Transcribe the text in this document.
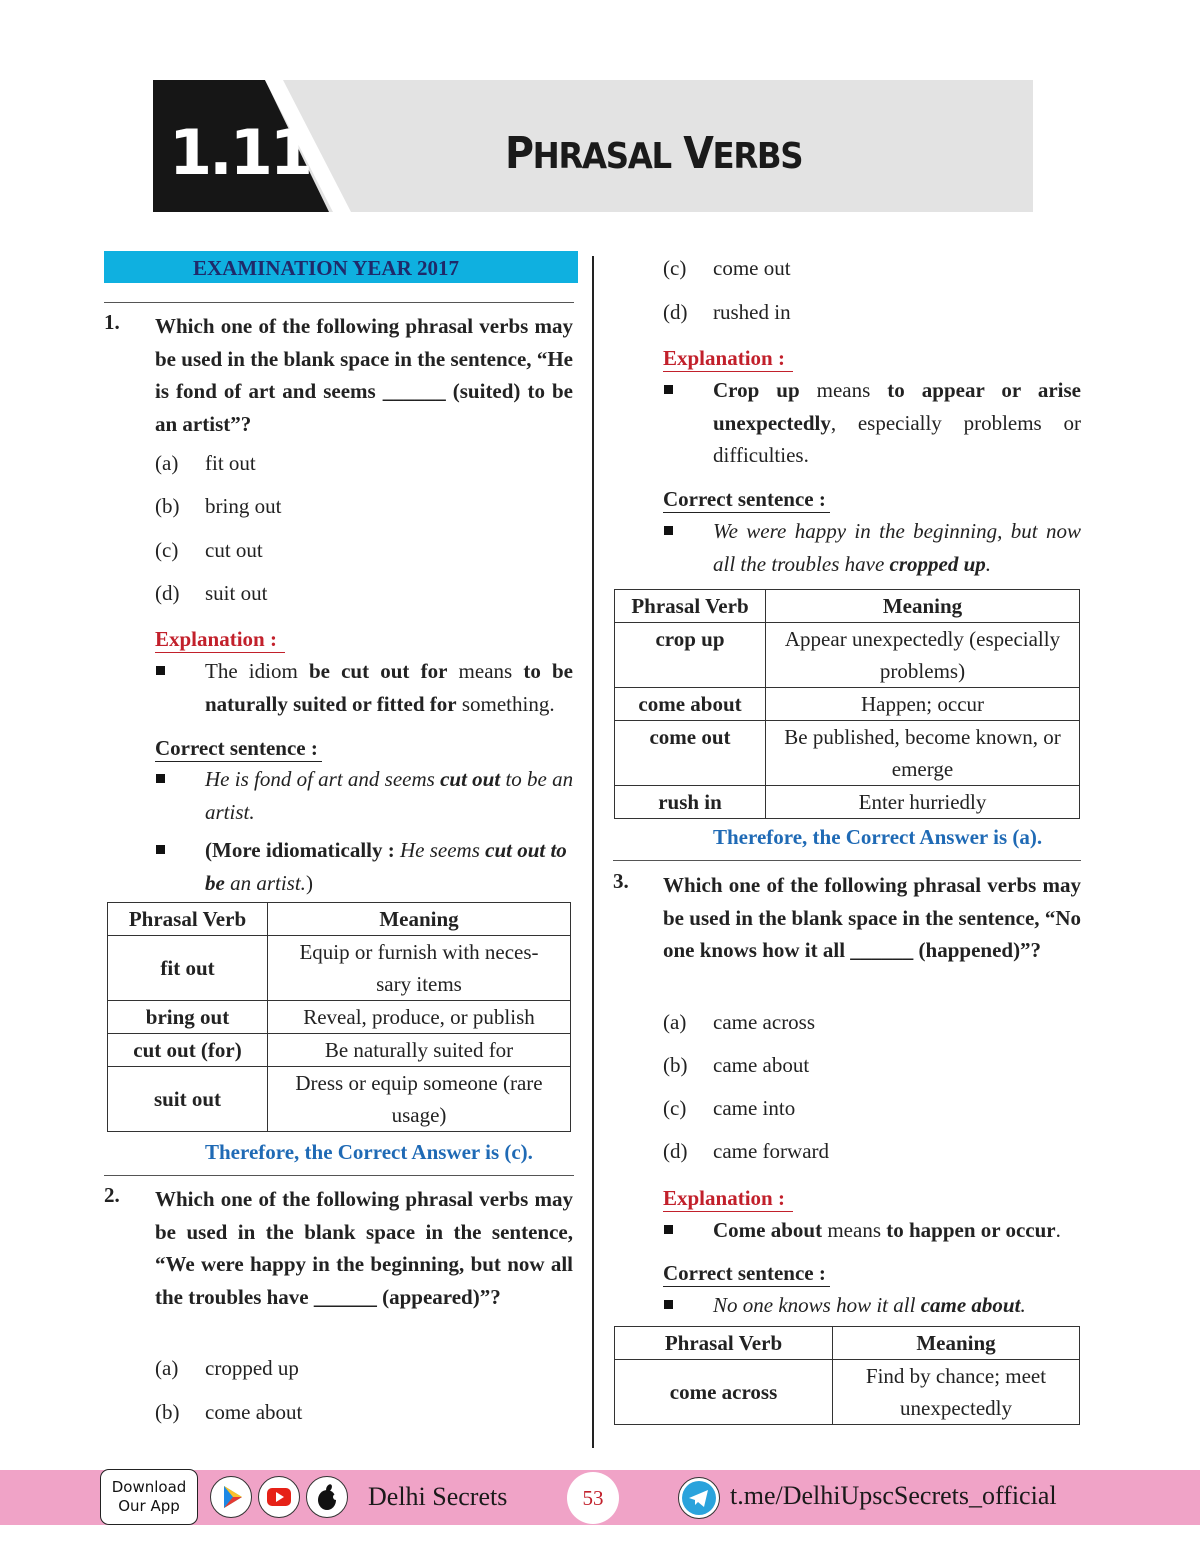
1.11	PHRASAL VERBS
EXAMINATION YEAR 2017
1. Which one of the following phrasal verbs may be used in the blank space in the sentence, “He is fond of art and seems ______ (suited) to be an artist”?
(a) fit out
(b) bring out
(c) cut out
(d) suit out
Explanation :
The idiom be cut out for means to be naturally suited or fitted for something.
Correct sentence :
He is fond of art and seems cut out to be an artist.
(More idiomatically : He seems cut out to be an artist.)
Phrasal Verb	Meaning
fit out	Equip or furnish with neces-sary items
bring out	Reveal, produce, or publish
cut out (for)	Be naturally suited for
suit out	Dress or equip someone (rare usage)
Therefore, the Correct Answer is (c).
2. Which one of the following phrasal verbs may be used in the blank space in the sentence, “We were happy in the beginning, but now all the troubles have ______ (appeared)”?
(a) cropped up
(b) come about
(c) come out
(d) rushed in
Explanation :
Crop up means to appear or arise unexpectedly, especially problems or difficulties.
Correct sentence :
We were happy in the beginning, but now all the troubles have cropped up.
Phrasal Verb	Meaning
crop up	Appear unexpectedly (especially problems)
come about	Happen; occur
come out	Be published, become known, or emerge
rush in	Enter hurriedly
Therefore, the Correct Answer is (a).
3. Which one of the following phrasal verbs may be used in the blank space in the sentence, “No one knows how it all ______ (happened)”?
(a) came across
(b) came about
(c) came into
(d) came forward
Explanation :
Come about means to happen or occur.
Correct sentence :
No one knows how it all came about.
Phrasal Verb	Meaning
come across	Find by chance; meet unexpectedly
Download
Our App	Delhi Secrets	53	t.me/DelhiUpscSecrets_official
